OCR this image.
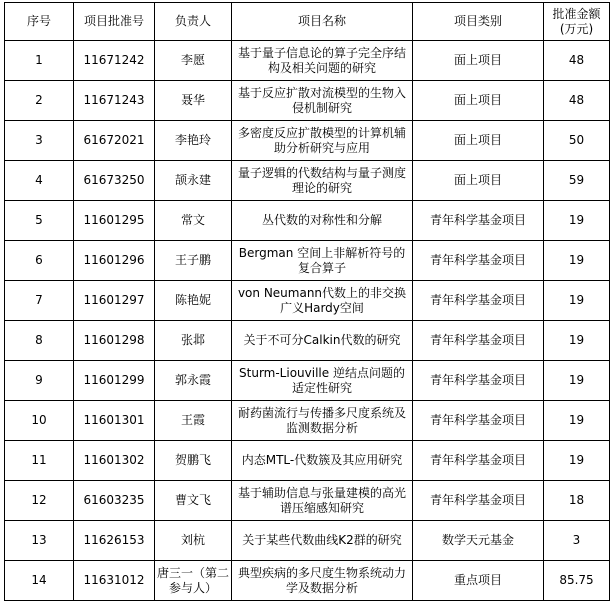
序号	项目批准号	负责人	项目名称	项目类别	批准金额
(万元)
1	11671242	李愿	基于量子信息论的算子完全序结构及相关问题的研究	面上项目	48
2	11671243	聂华	基于反应扩散对流模型的生物入侵机制研究	面上项目	48
3	61672021	李艳玲	多密度反应扩散模型的计算机辅助分析研究与应用	面上项目	50
4	61673250	颉永建	量子逻辑的代数结构与量子测度理论的研究	面上项目	59
5	11601295	常文	丛代数的对称性和分解	青年科学基金项目	19
6	11601296	王子鹏	Bergman 空间上非解析符号的复合算子	青年科学基金项目	19
7	11601297	陈艳妮	von Neumann代数上的非交换广义Hardy空间	青年科学基金项目	19
8	11601298	张邶	关于不可分Calkin代数的研究	青年科学基金项目	19
9	11601299	郭永霞	Sturm-Liouville 逆结点问题的适定性研究	青年科学基金项目	19
10	11601301	王霞	耐药菌流行与传播多尺度系统及监测数据分析	青年科学基金项目	19
11	11601302	贺鹏飞	内态MTL-代数簇及其应用研究	青年科学基金项目	19
12	61603235	曹文飞	基于辅助信息与张量建模的高光谱压缩感知研究	青年科学基金项目	18
13	11626153	刘杭	关于某些代数曲线K2群的研究	数学天元基金	3
14	11631012	唐三一（第二参与人）	典型疾病的多尺度生物系统动力学及数据分析	重点项目	85.75
